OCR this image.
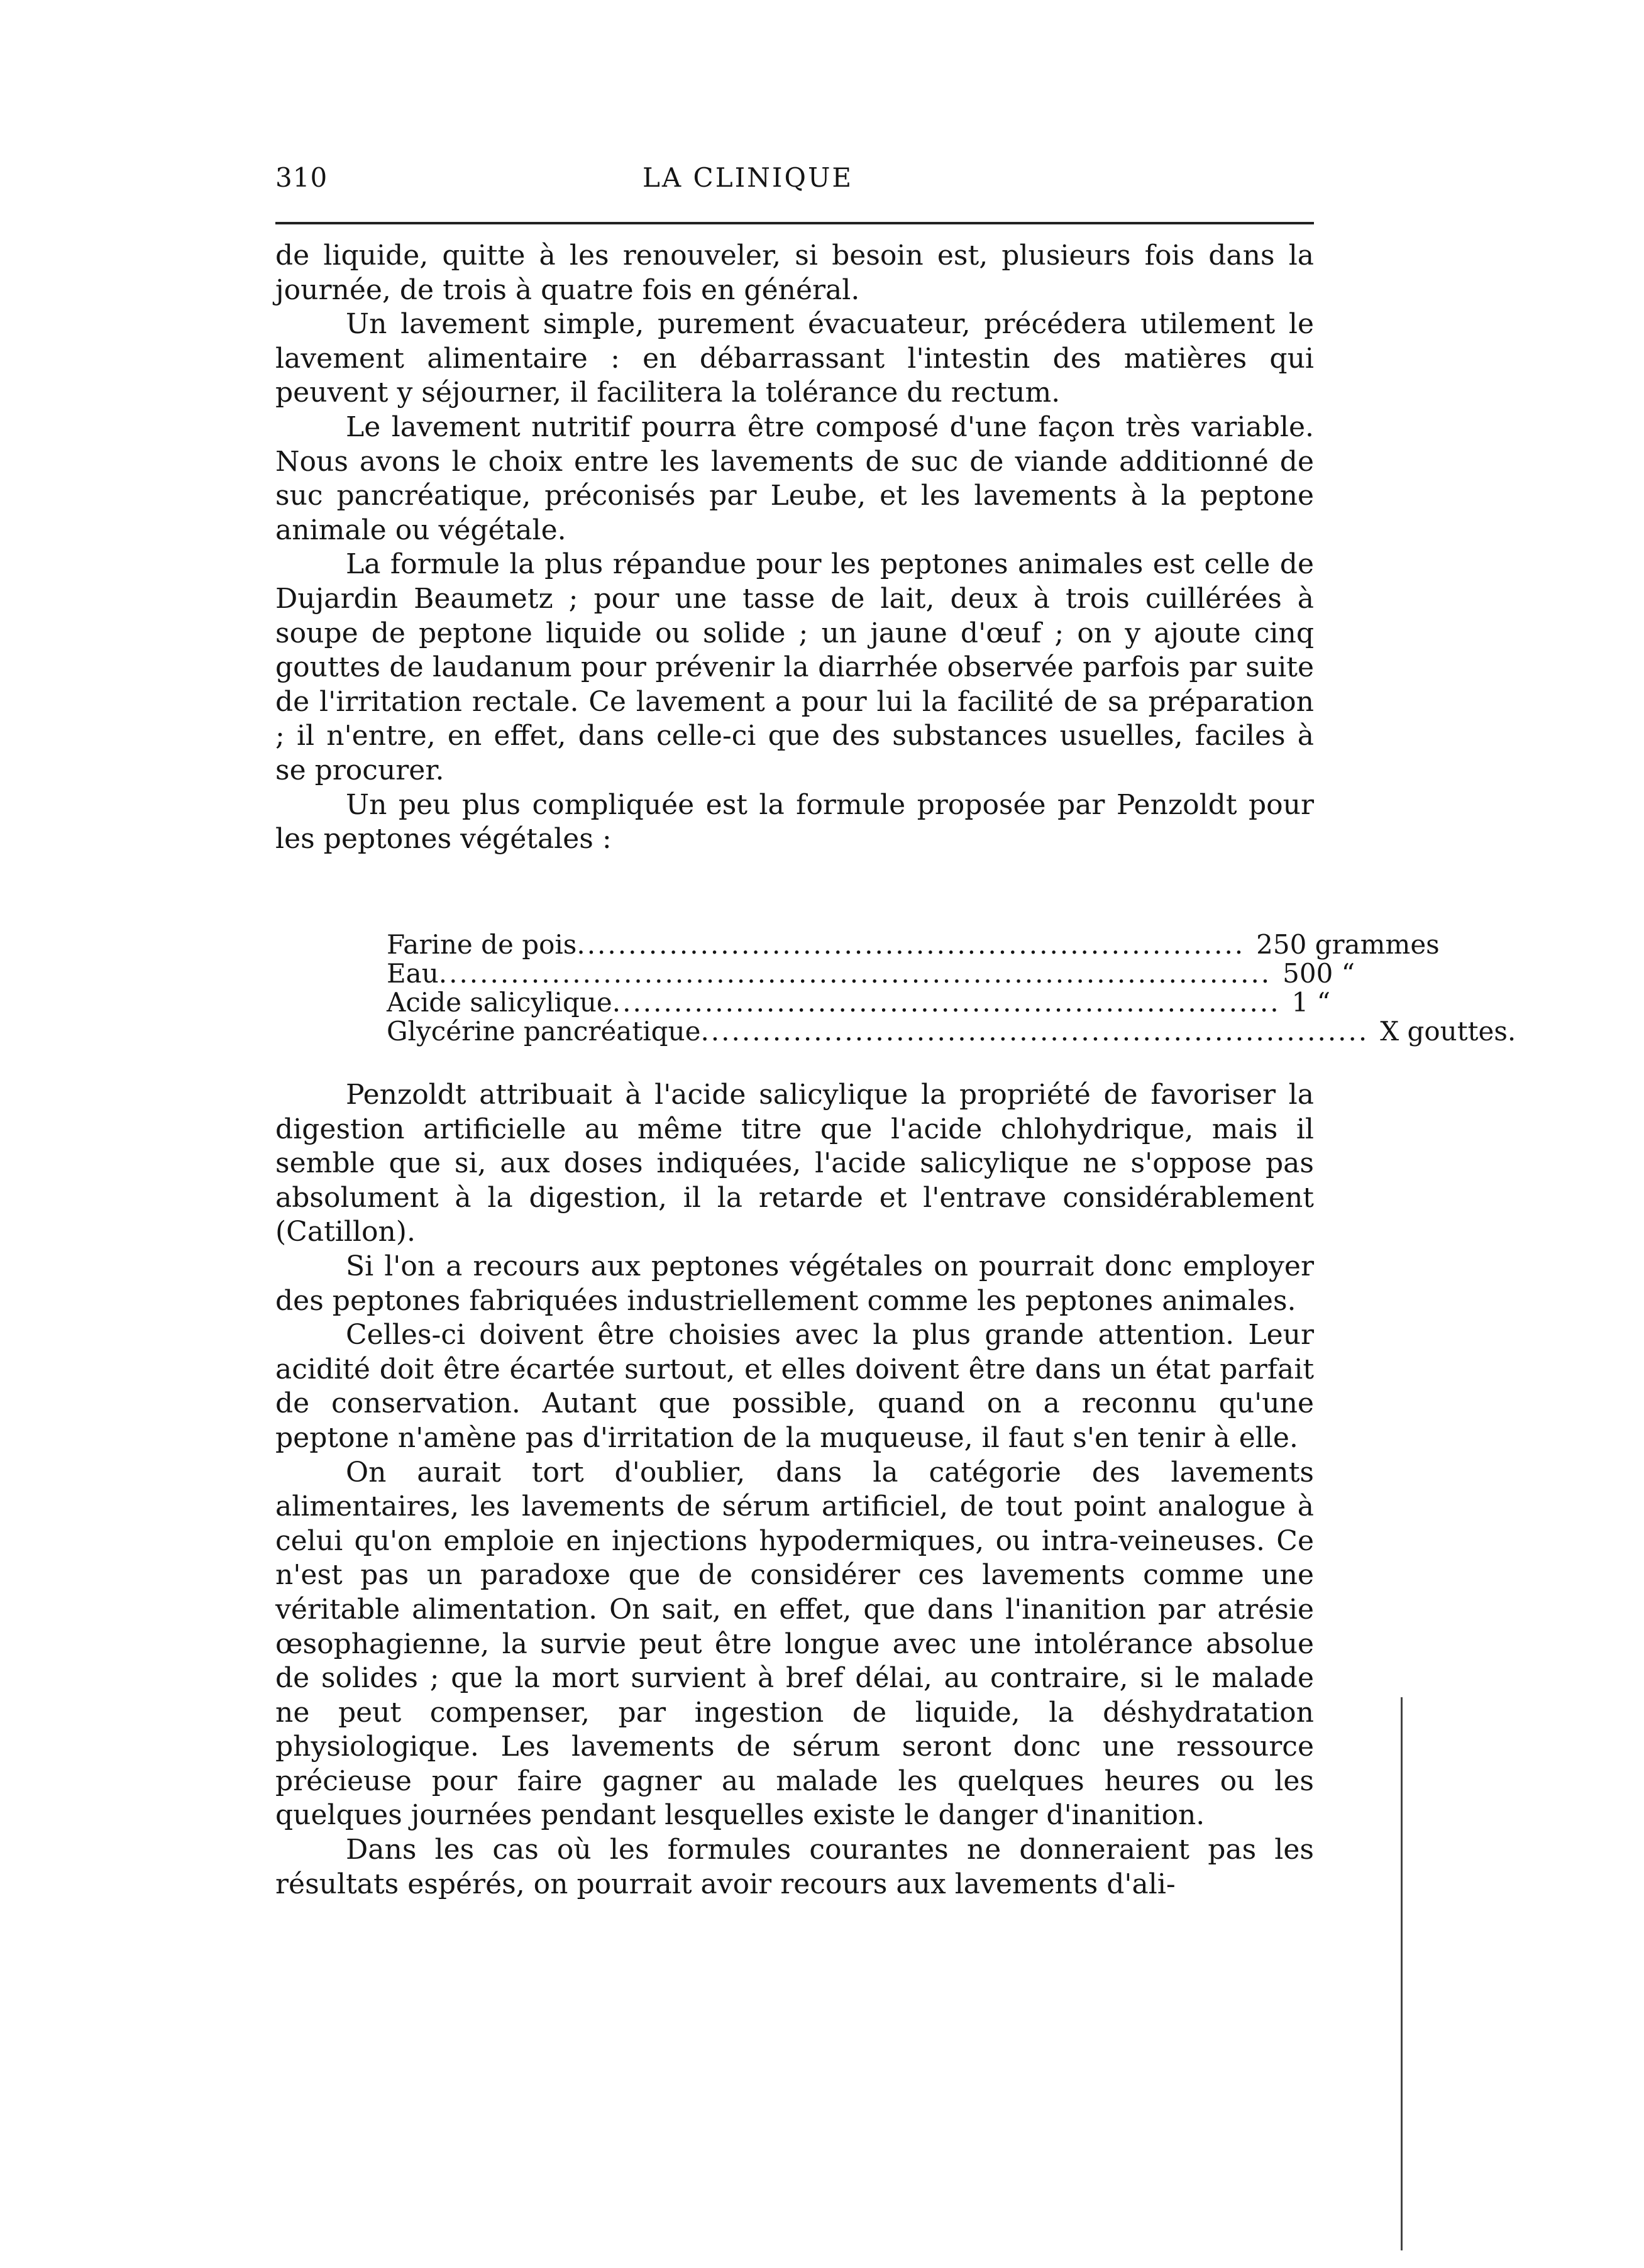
310	LA CLINIQUE

de liquide, quitte à les renouveler, si besoin est, plusieurs fois dans la journée, de trois à quatre fois en général.

Un lavement simple, purement évacuateur, précédera utilement le lavement alimentaire : en débarrassant l'intestin des matières qui peuvent y séjourner, il facilitera la tolérance du rectum.

Le lavement nutritif pourra être composé d'une façon très variable. Nous avons le choix entre les lavements de suc de viande additionné de suc pancréatique, préconisés par Leube, et les lavements à la peptone animale ou végétale.

La formule la plus répandue pour les peptones animales est celle de Dujardin Beaumetz ; pour une tasse de lait, deux à trois cuillérées à soupe de peptone liquide ou solide ; un jaune d'œuf ; on y ajoute cinq gouttes de laudanum pour prévenir la diarrhée observée parfois par suite de l'irritation rectale. Ce lavement a pour lui la facilité de sa préparation ; il n'entre, en effet, dans celle-ci que des substances usuelles, faciles à se procurer.

Un peu plus compliquée est la formule proposée par Penzoldt pour les peptones végétales :

Farine de pois ................................................................. 250 grammes
Eau ................................................................................. 500 “
Acide salicylique ................................................................. 1 “
Glycérine pancréatique ................................................................. X gouttes.

Penzoldt attribuait à l'acide salicylique la propriété de favoriser la digestion artificielle au même titre que l'acide chlohydrique, mais il semble que si, aux doses indiquées, l'acide salicylique ne s'oppose pas absolument à la digestion, il la retarde et l'entrave considérablement (Catillon).

Si l'on a recours aux peptones végétales on pourrait donc employer des peptones fabriquées industriellement comme les peptones animales.

Celles-ci doivent être choisies avec la plus grande attention. Leur acidité doit être écartée surtout, et elles doivent être dans un état parfait de conservation. Autant que possible, quand on a reconnu qu'une peptone n'amène pas d'irritation de la muqueuse, il faut s'en tenir à elle.

On aurait tort d'oublier, dans la catégorie des lavements alimentaires, les lavements de sérum artificiel, de tout point analogue à celui qu'on emploie en injections hypodermiques, ou intra-veineuses. Ce n'est pas un paradoxe que de considérer ces lavements comme une véritable alimentation. On sait, en effet, que dans l'inanition par atrésie œsophagienne, la survie peut être longue avec une intolérance absolue de solides ; que la mort survient à bref délai, au contraire, si le malade ne peut compenser, par ingestion de liquide, la déshydratation physiologique. Les lavements de sérum seront donc une ressource précieuse pour faire gagner au malade les quelques heures ou les quelques journées pendant lesquelles existe le danger d'inanition.

Dans les cas où les formules courantes ne donneraient pas les résultats espérés, on pourrait avoir recours aux lavements d'ali-
